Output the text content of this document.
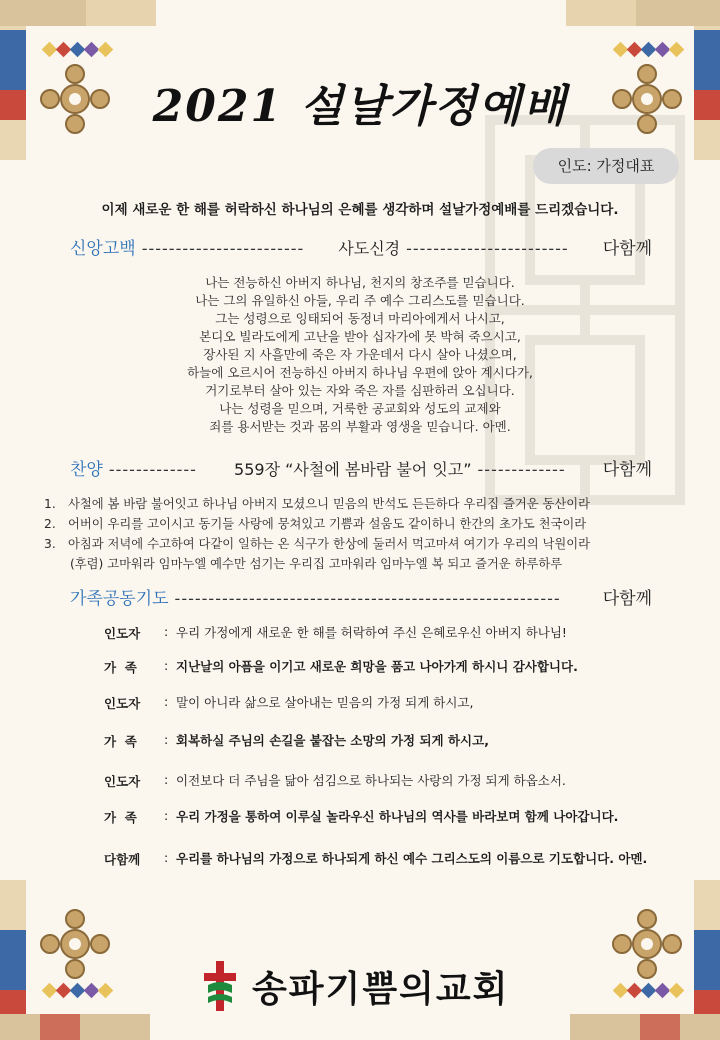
2021 설날가정예배
인도: 가정대표
이제 새로운 한 해를 허락하신 하나님의 은혜를 생각하며 설날가정예배를 드리겠습니다.
신앙고백 ------------------------	사도신경 ------------------------	다함께
나는 전능하신 아버지 하나님, 천지의 창조주를 믿습니다.
나는 그의 유일하신 아들, 우리 주 예수 그리스도를 믿습니다.
그는 성령으로 잉태되어 동정녀 마리아에게서 나시고,
본디오 빌라도에게 고난을 받아 십자가에 못 박혀 죽으시고,
장사된 지 사흘만에 죽은 자 가운데서 다시 살아 나셨으며,
하늘에 오르시어 전능하신 아버지 하나님 우편에 앉아 계시다가,
거기로부터 살아 있는 자와 죽은 자를 심판하러 오십니다.
나는 성령을 믿으며, 거룩한 공교회와 성도의 교제와
죄를 용서받는 것과 몸의 부활과 영생을 믿습니다. 아멘.
찬양 -------------	559장 “사철에 봄바람 불어 잇고” -------------	다함께
1. 사철에 봄 바람 불어잇고 하나님 아버지 모셨으니 믿음의 반석도 든든하다 우리집 즐거운 동산이라
2. 어버이 우리를 고이시고 동기들 사랑에 뭉쳐있고 기쁨과 설움도 같이하니 한간의 초가도 천국이라
3. 아침과 저녁에 수고하여 다같이 일하는 온 식구가 한상에 둘러서 먹고마셔 여기가 우리의 낙원이라
(후렴) 고마워라 임마누엘 예수만 섬기는 우리집 고마워라 임마누엘 복 되고 즐거운 하루하루
가족공동기도 ---------------------------------------------------------	다함께
인도자	: 우리 가정에게 새로운 한 해를 허락하여 주신 은혜로우신 아버지 하나님!
가  족	: 지난날의 아픔을 이기고 새로운 희망을 품고 나아가게 하시니 감사합니다.
인도자	: 말이 아니라 삶으로 살아내는 믿음의 가정 되게 하시고,
가  족	: 회복하실 주님의 손길을 붙잡는 소망의 가정 되게 하시고,
인도자	: 이전보다 더 주님을 닮아 섬김으로 하나되는 사랑의 가정 되게 하옵소서.
가  족	: 우리 가정을 통하여 이루실 놀라우신 하나님의 역사를 바라보며 함께 나아갑니다.
다함께	: 우리를 하나님의 가정으로 하나되게 하신 예수 그리스도의 이름으로 기도합니다. 아멘.
송파기쁨의교회
